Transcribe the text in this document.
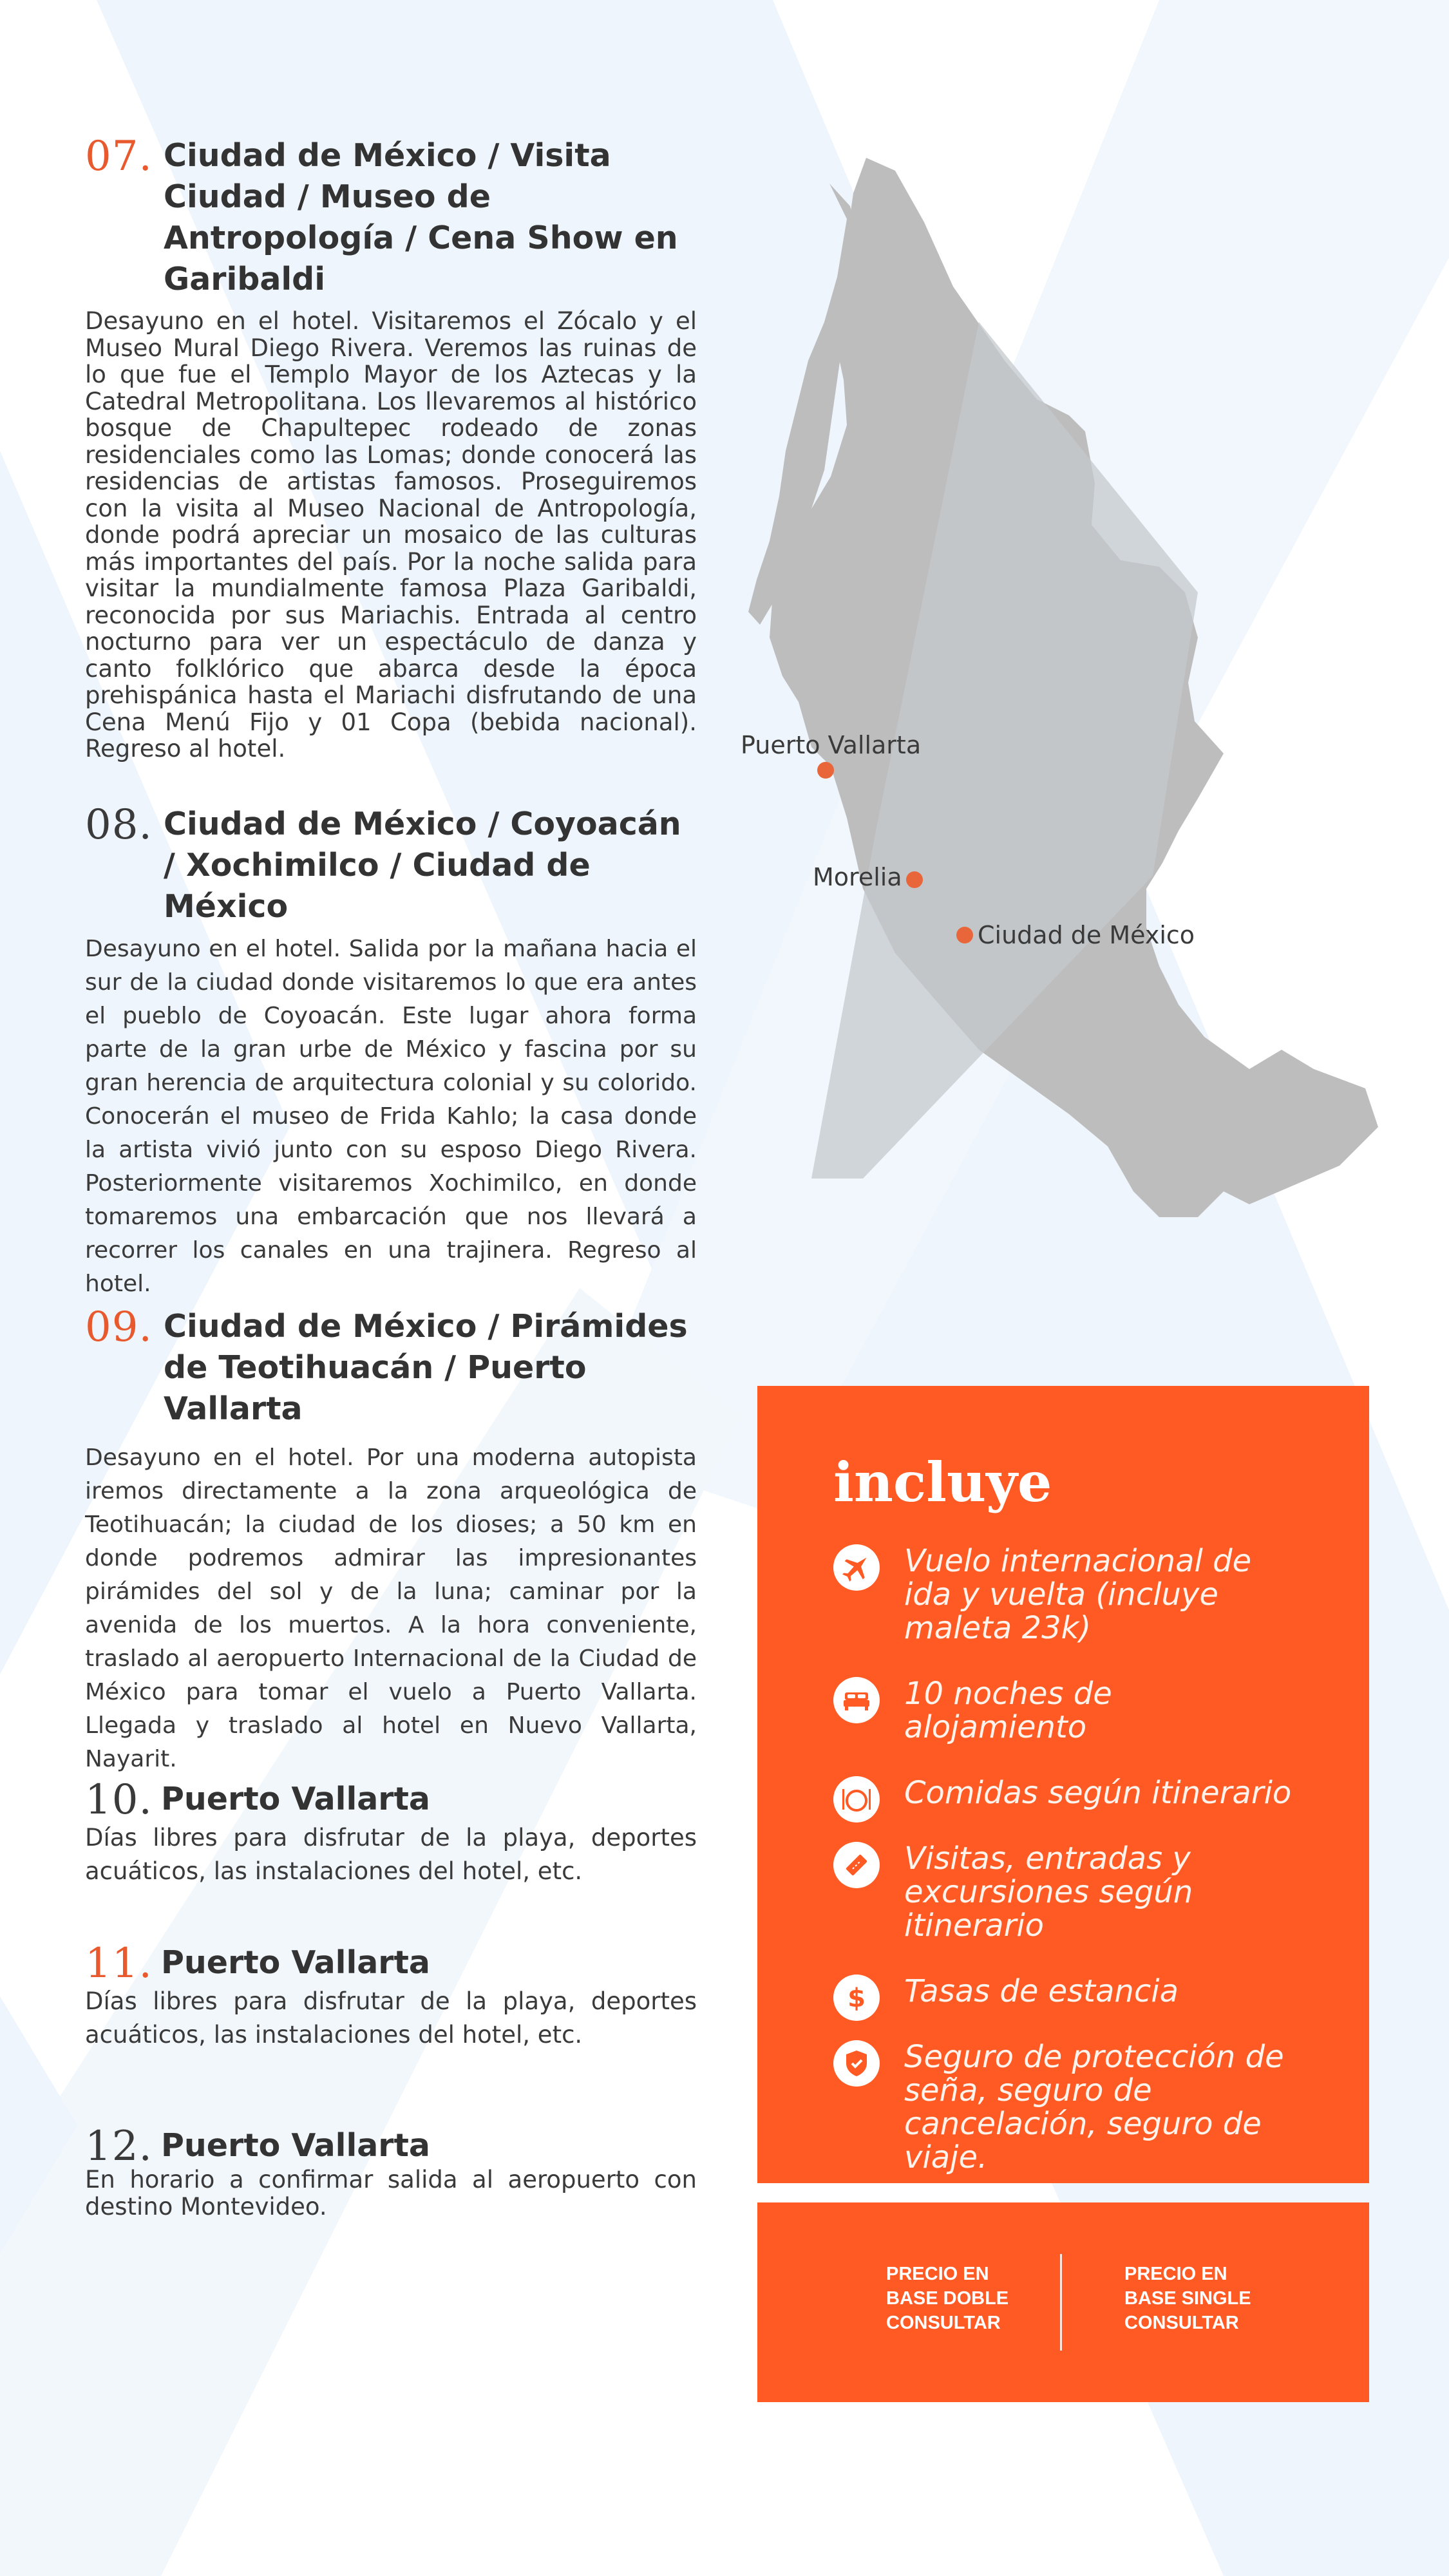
Puerto Vallarta
Morelia
Ciudad de México
07. Ciudad de México / Visita Ciudad / Museo de Antropología / Cena Show en Garibaldi

Desayuno en el hotel. Visitaremos el Zócalo y el Museo Mural Diego Rivera. Veremos las ruinas de lo que fue el Templo Mayor de los Aztecas y la Catedral Metropolitana. Los llevaremos al histórico bosque de Chapultepec rodeado de zonas residenciales como las Lomas; donde conocerá las residencias de artistas famosos. Proseguiremos con la visita al Museo Nacional de Antropología, donde podrá apreciar un mosaico de las culturas más importantes del país. Por la noche salida para visitar la mundialmente famosa Plaza Garibaldi, reconocida por sus Mariachis. Entrada al centro nocturno para ver un espectáculo de danza y canto folklórico que abarca desde la época prehispánica hasta el Mariachi disfrutando de una Cena Menú Fijo y 01 Copa (bebida nacional). Regreso al hotel.

08. Ciudad de México / Coyoacán / Xochimilco / Ciudad de México

Desayuno en el hotel. Salida por la mañana hacia el sur de la ciudad donde visitaremos lo que era antes el pueblo de Coyoacán. Este lugar ahora forma parte de la gran urbe de México y fascina por su gran herencia de arquitectura colonial y su colorido. Conocerán el museo de Frida Kahlo; la casa donde la artista vivió junto con su esposo Diego Rivera. Posteriormente visitaremos Xochimilco, en donde tomaremos una embarcación que nos llevará a recorrer los canales en una trajinera. Regreso al hotel.

09. Ciudad de México / Pirámides de Teotihuacán / Puerto Vallarta

Desayuno en el hotel. Por una moderna autopista iremos directamente a la zona arqueológica de Teotihuacán; la ciudad de los dioses; a 50 km en donde podremos admirar las impresionantes pirámides del sol y de la luna; caminar por la avenida de los muertos. A la hora conveniente, traslado al aeropuerto Internacional de la Ciudad de México para tomar el vuelo a Puerto Vallarta. Llegada y traslado al hotel en Nuevo Vallarta, Nayarit.

10. Puerto Vallarta

Días libres para disfrutar de la playa, deportes acuáticos, las instalaciones del hotel, etc.

11. Puerto Vallarta

Días libres para disfrutar de la playa, deportes acuáticos, las instalaciones del hotel, etc.

12. Puerto Vallarta

En horario a confirmar salida al aeropuerto con destino Montevideo.

incluye
Vuelo internacional de ida y vuelta (incluye maleta 23k)
10 noches de alojamiento
Comidas según itinerario
Visitas, entradas y excursiones según itinerario
$ Tasas de estancia
Seguro de protección de seña, seguro de cancelación, seguro de viaje.
PRECIO EN
BASE DOBLE
CONSULTAR
PRECIO EN
BASE SINGLE
CONSULTAR
